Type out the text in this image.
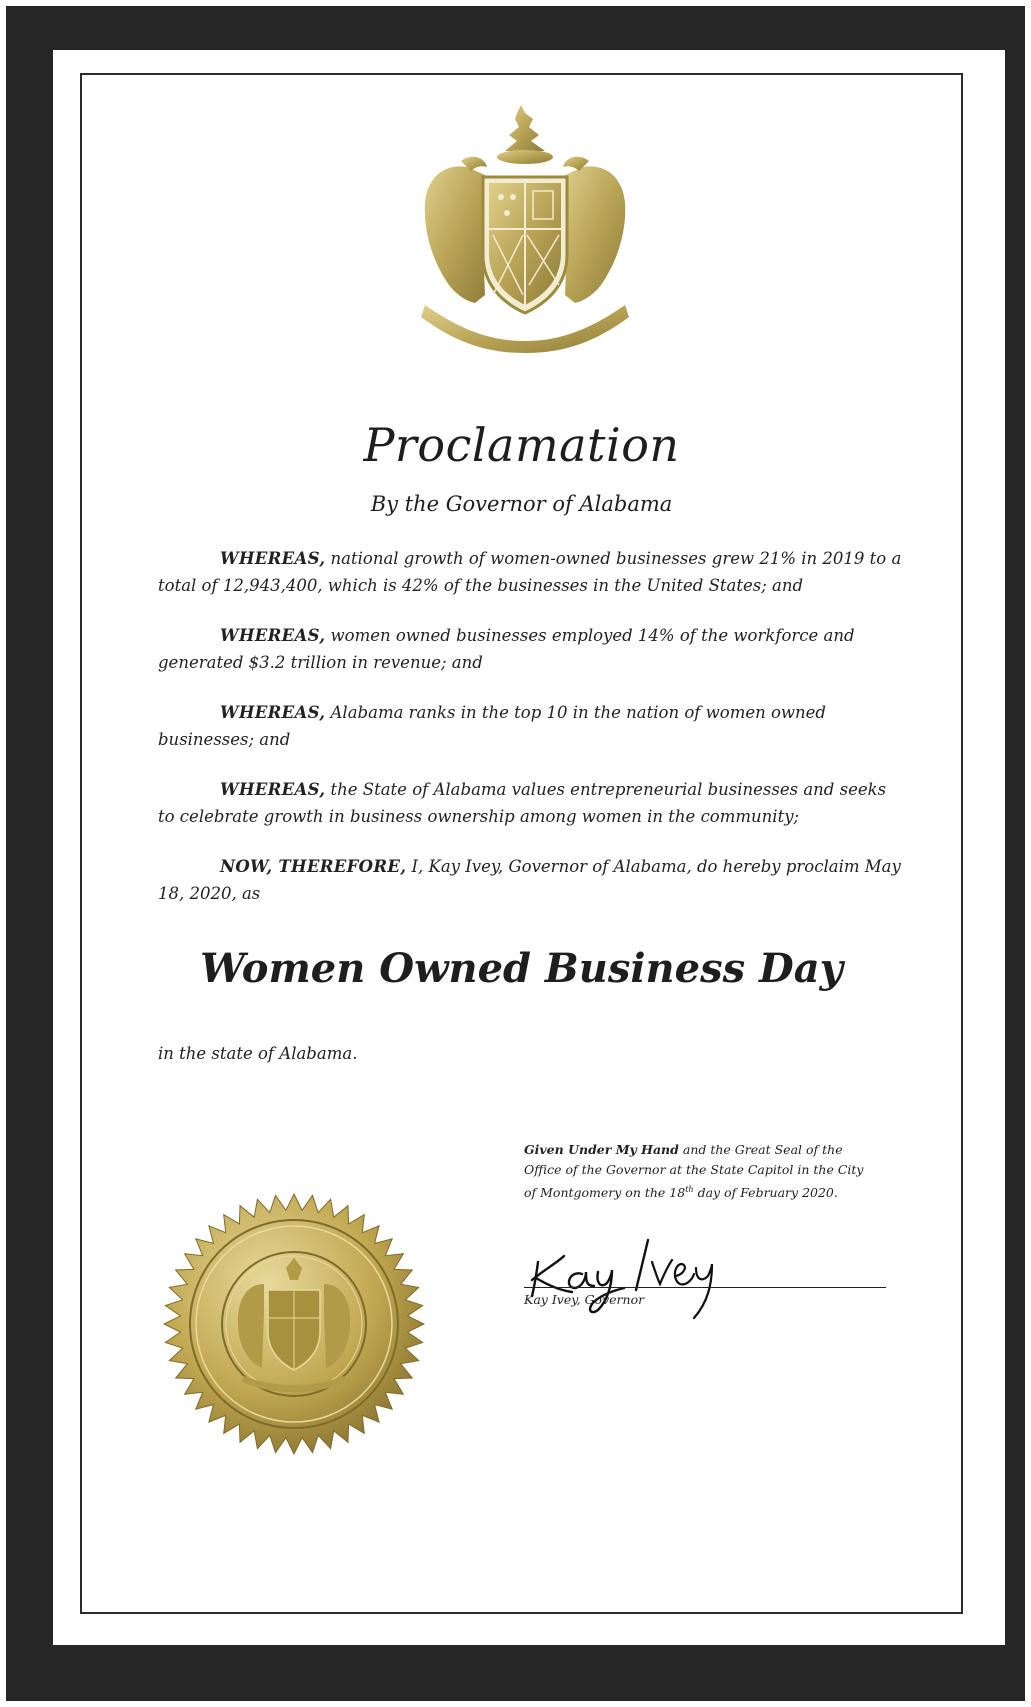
Proclamation
By the Governor of Alabama

WHEREAS, national growth of women-owned businesses grew 21% in 2019 to a total of 12,943,400, which is 42% of the businesses in the United States; and

WHEREAS, women owned businesses employed 14% of the workforce and generated $3.2 trillion in revenue; and

WHEREAS, Alabama ranks in the top 10 in the nation of women owned businesses; and

WHEREAS, the State of Alabama values entrepreneurial businesses and seeks to celebrate growth in business ownership among women in the community;

NOW, THEREFORE, I, Kay Ivey, Governor of Alabama, do hereby proclaim May 18, 2020, as

Women Owned Business Day
in the state of Alabama.
Given Under My Hand and the Great Seal of the
Office of the Governor at the State Capitol in the City
of Montgomery on the 18th day of February 2020.
Kay Ivey, Governor
